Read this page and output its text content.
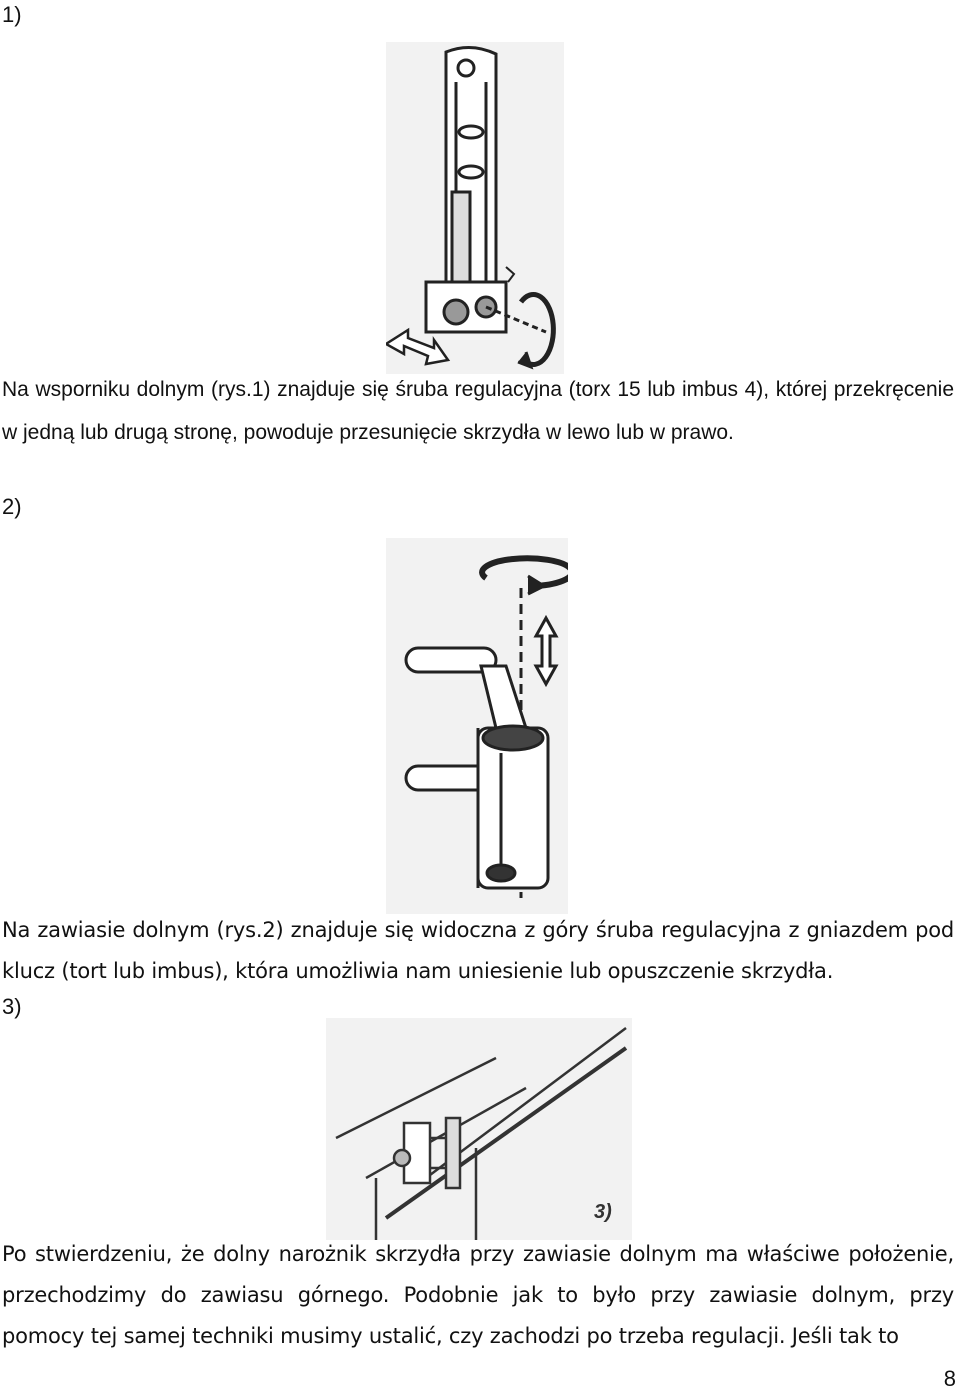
1)
Na wsporniku dolnym (rys.1) znajduje się śruba regulacyjna (torx 15 lub imbus 4), której przekręcenie w jedną lub drugą stronę, powoduje przesunięcie skrzydła w lewo lub w prawo.
2)
Na zawiasie dolnym (rys.2) znajduje się widoczna z góry śruba regulacyjna z gniazdem pod klucz (tort lub imbus), która umożliwia nam uniesienie lub opuszczenie skrzydła.
3)
3)
Po stwierdzeniu, że dolny narożnik skrzydła przy zawiasie dolnym ma właściwe położenie, przechodzimy do zawiasu górnego. Podobnie jak to było przy zawiasie dolnym, przy pomocy tej samej techniki musimy ustalić, czy zachodzi po trzeba regulacji. Jeśli tak to
8
